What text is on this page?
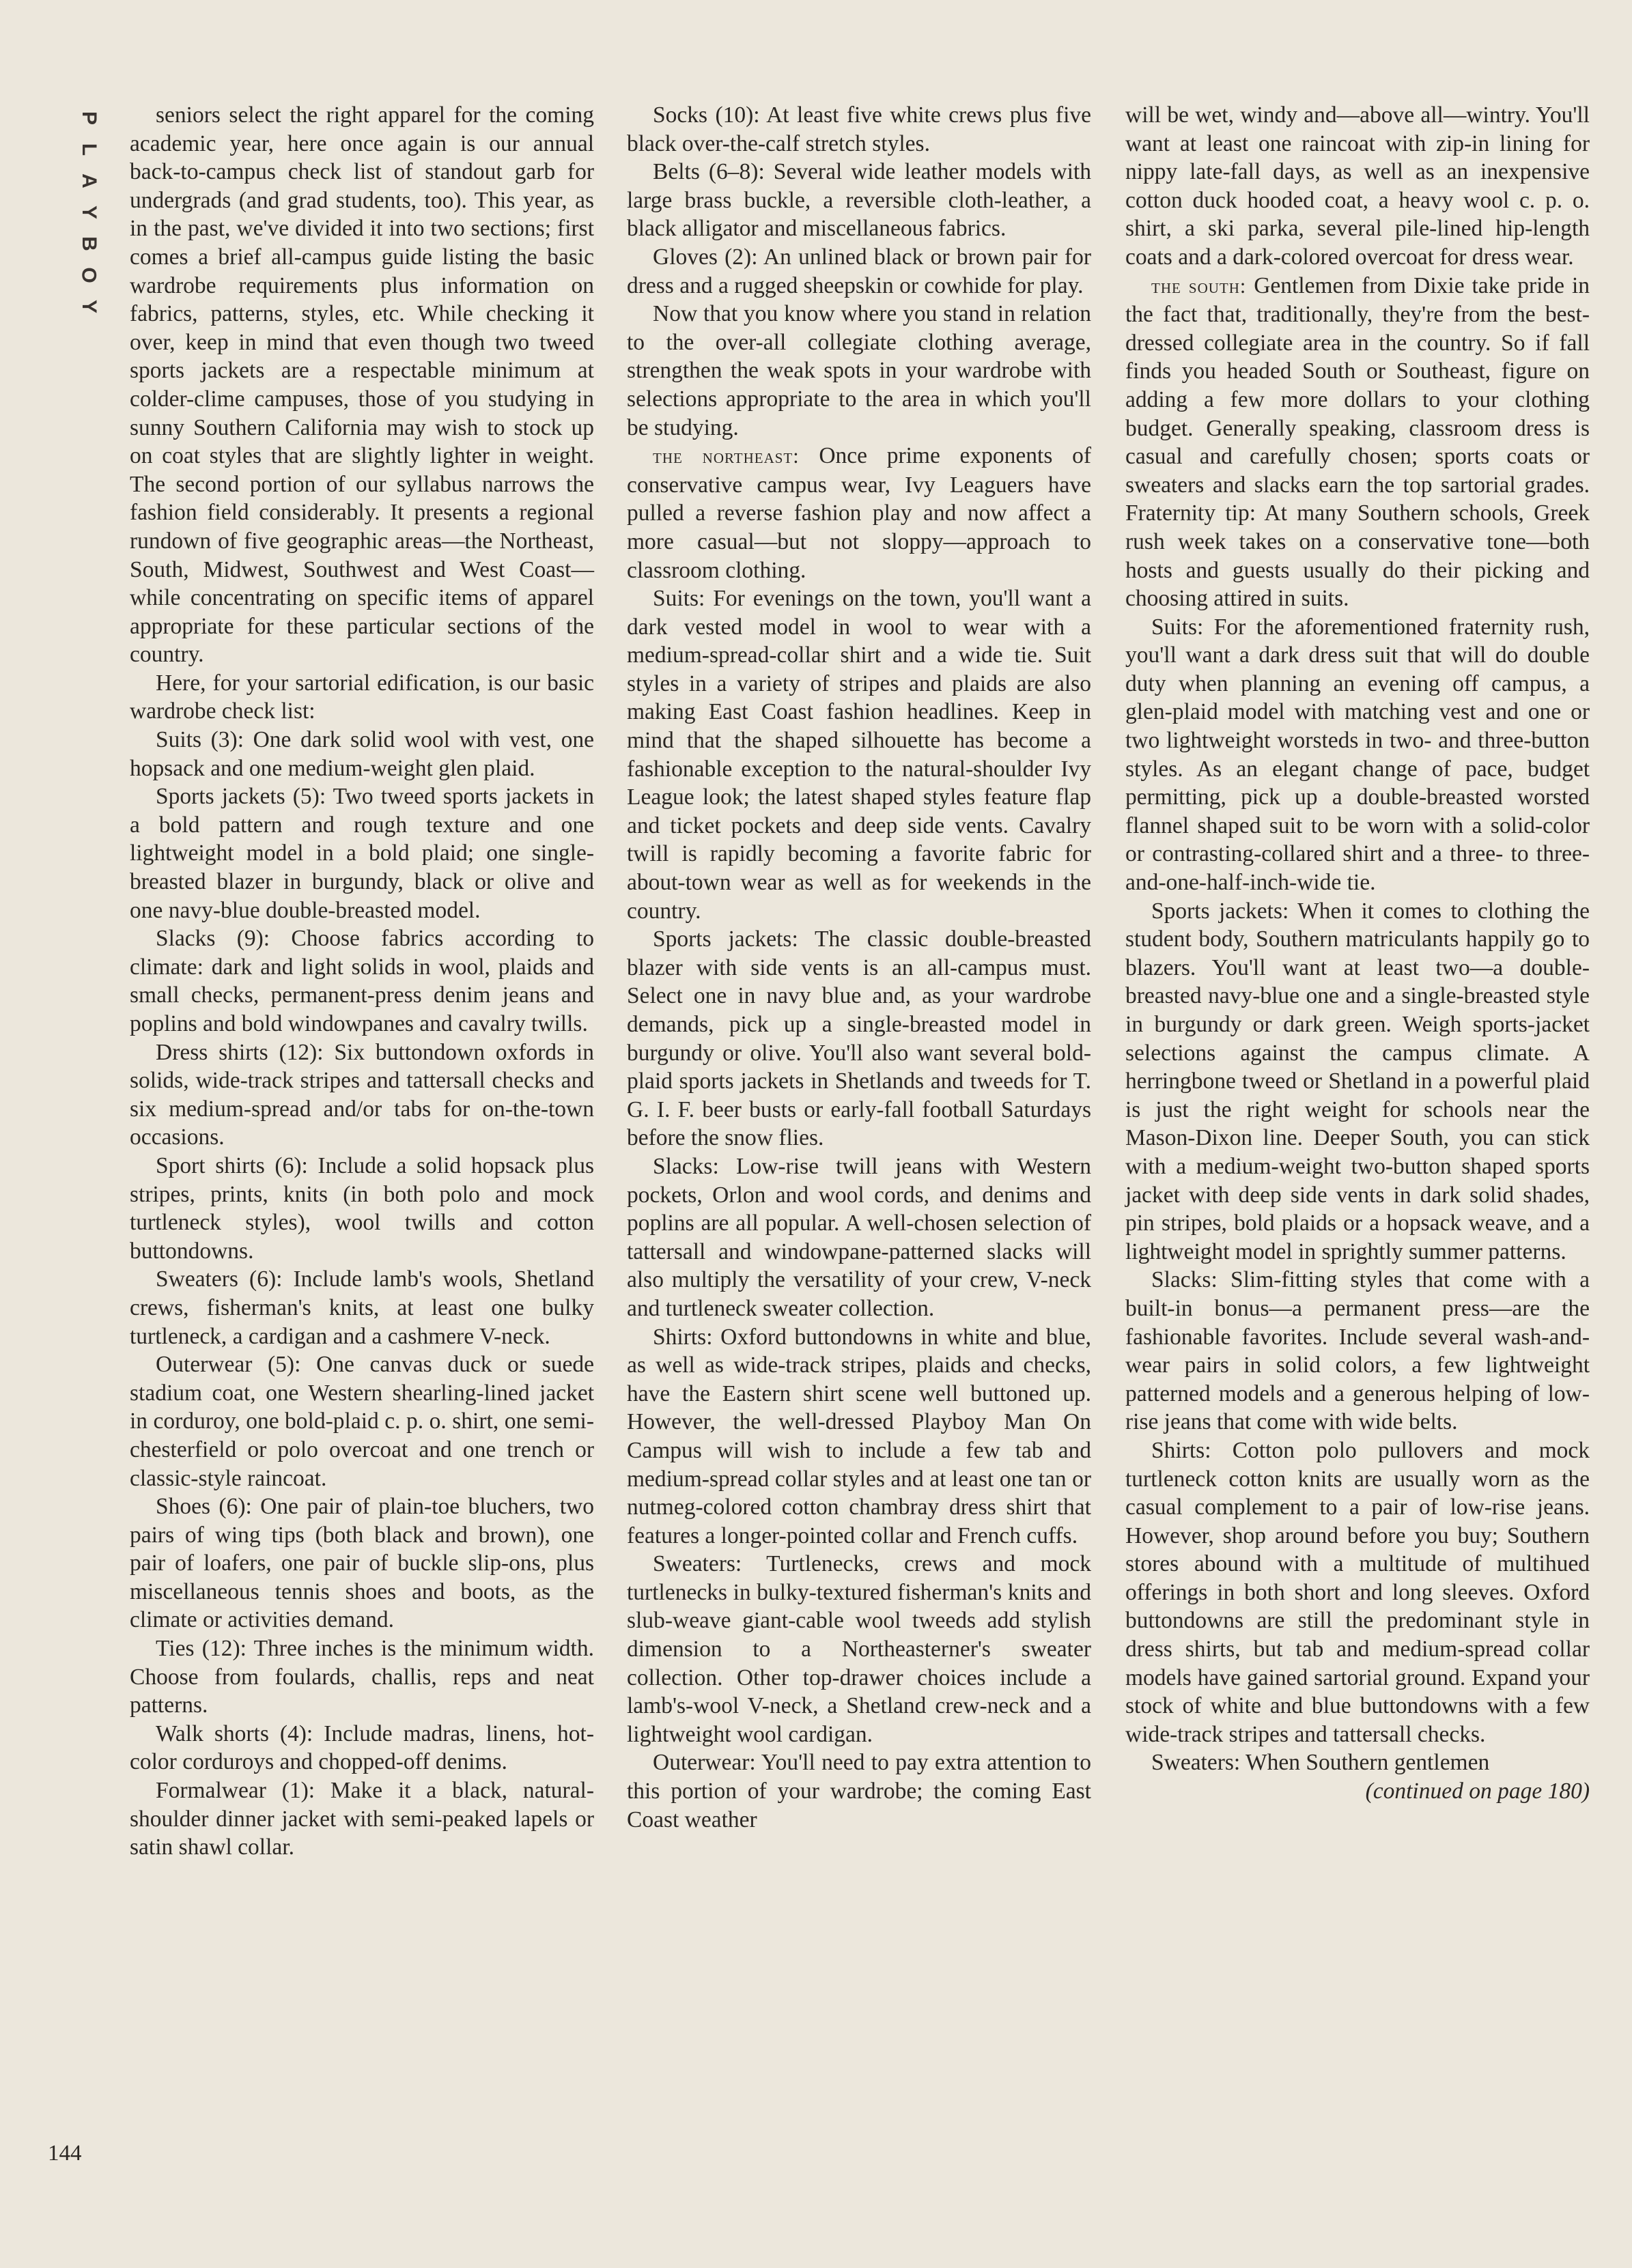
P
L
A
Y
B
O
Y

seniors select the right apparel for the coming academic year, here once again is our annual back-to-campus check list of standout garb for undergrads (and grad students, too). This year, as in the past, we've divided it into two sections; first comes a brief all-campus guide listing the basic wardrobe requirements plus information on fabrics, patterns, styles, etc. While checking it over, keep in mind that even though two tweed sports jackets are a respectable minimum at colder-clime campuses, those of you studying in sunny Southern California may wish to stock up on coat styles that are slightly lighter in weight. The second portion of our syllabus narrows the fashion field considerably. It presents a regional rundown of five geographic areas—the Northeast, South, Midwest, Southwest and West Coast—while concentrating on specific items of apparel appropriate for these particular sections of the country.

Here, for your sartorial edification, is our basic wardrobe check list:

Suits (3): One dark solid wool with vest, one hopsack and one medium-weight glen plaid.

Sports jackets (5): Two tweed sports jackets in a bold pattern and rough texture and one lightweight model in a bold plaid; one single-breasted blazer in burgundy, black or olive and one navy-blue double-breasted model.

Slacks (9): Choose fabrics according to climate: dark and light solids in wool, plaids and small checks, permanent-press denim jeans and poplins and bold windowpanes and cavalry twills.

Dress shirts (12): Six buttondown oxfords in solids, wide-track stripes and tattersall checks and six medium-spread and/or tabs for on-the-town occasions.

Sport shirts (6): Include a solid hopsack plus stripes, prints, knits (in both polo and mock turtleneck styles), wool twills and cotton buttondowns.

Sweaters (6): Include lamb's wools, Shetland crews, fisherman's knits, at least one bulky turtleneck, a cardigan and a cashmere V-neck.

Outerwear (5): One canvas duck or suede stadium coat, one Western shearling-lined jacket in corduroy, one bold-plaid c. p. o. shirt, one semi-chesterfield or polo overcoat and one trench or classic-style raincoat.

Shoes (6): One pair of plain-toe bluchers, two pairs of wing tips (both black and brown), one pair of loafers, one pair of buckle slip-ons, plus miscellaneous tennis shoes and boots, as the climate or activities demand.

Ties (12): Three inches is the minimum width. Choose from foulards, challis, reps and neat patterns.

Walk shorts (4): Include madras, linens, hot-color corduroys and chopped-off denims.

Formalwear (1): Make it a black, natural-shoulder dinner jacket with semi-peaked lapels or satin shawl collar.

Socks (10): At least five white crews plus five black over-the-calf stretch styles.

Belts (6–8): Several wide leather models with large brass buckle, a reversible cloth-leather, a black alligator and miscellaneous fabrics.

Gloves (2): An unlined black or brown pair for dress and a rugged sheepskin or cowhide for play.

Now that you know where you stand in relation to the over-all collegiate clothing average, strengthen the weak spots in your wardrobe with selections appropriate to the area in which you'll be studying.

the northeast: Once prime exponents of conservative campus wear, Ivy Leaguers have pulled a reverse fashion play and now affect a more casual—but not sloppy—approach to classroom clothing.

Suits: For evenings on the town, you'll want a dark vested model in wool to wear with a medium-spread-collar shirt and a wide tie. Suit styles in a variety of stripes and plaids are also making East Coast fashion headlines. Keep in mind that the shaped silhouette has become a fashionable exception to the natural-shoulder Ivy League look; the latest shaped styles feature flap and ticket pockets and deep side vents. Cavalry twill is rapidly becoming a favorite fabric for about-town wear as well as for weekends in the country.

Sports jackets: The classic double-breasted blazer with side vents is an all-campus must. Select one in navy blue and, as your wardrobe demands, pick up a single-breasted model in burgundy or olive. You'll also want several bold-plaid sports jackets in Shetlands and tweeds for T. G. I. F. beer busts or early-fall football Saturdays before the snow flies.

Slacks: Low-rise twill jeans with Western pockets, Orlon and wool cords, and denims and poplins are all popular. A well-chosen selection of tattersall and windowpane-patterned slacks will also multiply the versatility of your crew, V-neck and turtleneck sweater collection.

Shirts: Oxford buttondowns in white and blue, as well as wide-track stripes, plaids and checks, have the Eastern shirt scene well buttoned up. However, the well-dressed Playboy Man On Campus will wish to include a few tab and medium-spread collar styles and at least one tan or nutmeg-colored cotton chambray dress shirt that features a longer-pointed collar and French cuffs.

Sweaters: Turtlenecks, crews and mock turtlenecks in bulky-textured fisherman's knits and slub-weave giant-cable wool tweeds add stylish dimension to a Northeasterner's sweater collection. Other top-drawer choices include a lamb's-wool V-neck, a Shetland crew-neck and a lightweight wool cardigan.

Outerwear: You'll need to pay extra attention to this portion of your wardrobe; the coming East Coast weather

will be wet, windy and—above all—wintry. You'll want at least one raincoat with zip-in lining for nippy late-fall days, as well as an inexpensive cotton duck hooded coat, a heavy wool c. p. o. shirt, a ski parka, several pile-lined hip-length coats and a dark-colored overcoat for dress wear.

the south: Gentlemen from Dixie take pride in the fact that, traditionally, they're from the best-dressed collegiate area in the country. So if fall finds you headed South or Southeast, figure on adding a few more dollars to your clothing budget. Generally speaking, classroom dress is casual and carefully chosen; sports coats or sweaters and slacks earn the top sartorial grades. Fraternity tip: At many Southern schools, Greek rush week takes on a conservative tone—both hosts and guests usually do their picking and choosing attired in suits.

Suits: For the aforementioned fraternity rush, you'll want a dark dress suit that will do double duty when planning an evening off campus, a glen-plaid model with matching vest and one or two lightweight worsteds in two- and three-button styles. As an elegant change of pace, budget permitting, pick up a double-breasted worsted flannel shaped suit to be worn with a solid-color or contrasting-collared shirt and a three- to three-and-one-half-inch-wide tie.

Sports jackets: When it comes to clothing the student body, Southern matriculants happily go to blazers. You'll want at least two—a double-breasted navy-blue one and a single-breasted style in burgundy or dark green. Weigh sports-jacket selections against the campus climate. A herringbone tweed or Shetland in a powerful plaid is just the right weight for schools near the Mason-Dixon line. Deeper South, you can stick with a medium-weight two-button shaped sports jacket with deep side vents in dark solid shades, pin stripes, bold plaids or a hopsack weave, and a lightweight model in sprightly summer patterns.

Slacks: Slim-fitting styles that come with a built-in bonus—a permanent press—are the fashionable favorites. Include several wash-and-wear pairs in solid colors, a few lightweight patterned models and a generous helping of low-rise jeans that come with wide belts.

Shirts: Cotton polo pullovers and mock turtleneck cotton knits are usually worn as the casual complement to a pair of low-rise jeans. However, shop around before you buy; Southern stores abound with a multitude of multihued offerings in both short and long sleeves. Oxford buttondowns are still the predominant style in dress shirts, but tab and medium-spread collar models have gained sartorial ground. Expand your stock of white and blue buttondowns with a few wide-track stripes and tattersall checks.

Sweaters: When Southern gentlemen

(continued on page 180)

144
